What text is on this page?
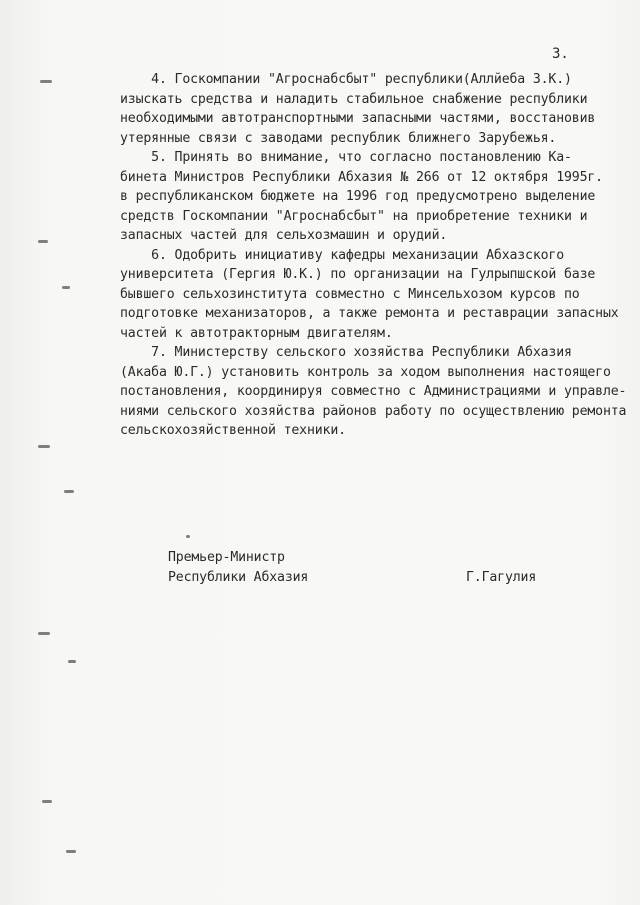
3.
4. Госкомпании "Агроснабсбыт" республики(Аллйеба З.К.)
изыскать средства и наладить стабильное снабжение республики
необходимыми автотранспортными запасными частями, восстановив
утерянные связи с заводами республик ближнего Зарубежья.
5. Принять во внимание, что согласно постановлению Ка-
бинета Министров Республики Абхазия № 266 от 12 октября 1995г.
в республиканском бюджете на 1996 год предусмотрено выделение
средств Госкомпании "Агроснабсбыт" на приобретение техники и
запасных частей для сельхозмашин и орудий.
6. Одобрить инициативу кафедры механизации Абхазского
университета (Гергия Ю.К.) по организации на Гулрыпшской базе
бывшего сельхозинститута совместно с Минсельхозом курсов по
подготовке механизаторов, а также ремонта и реставрации запасных
частей к автотракторным двигателям.
7. Министерству сельского хозяйства Республики Абхазия
(Акаба Ю.Г.) установить контроль за ходом выполнения настоящего
постановления, координируя совместно с Администрациями и управле-
ниями сельского хозяйства районов работу по осуществлению ремонта
сельскохозяйственной техники.
Премьер-Министр
Республики Абхазия	Г.Гагулия
